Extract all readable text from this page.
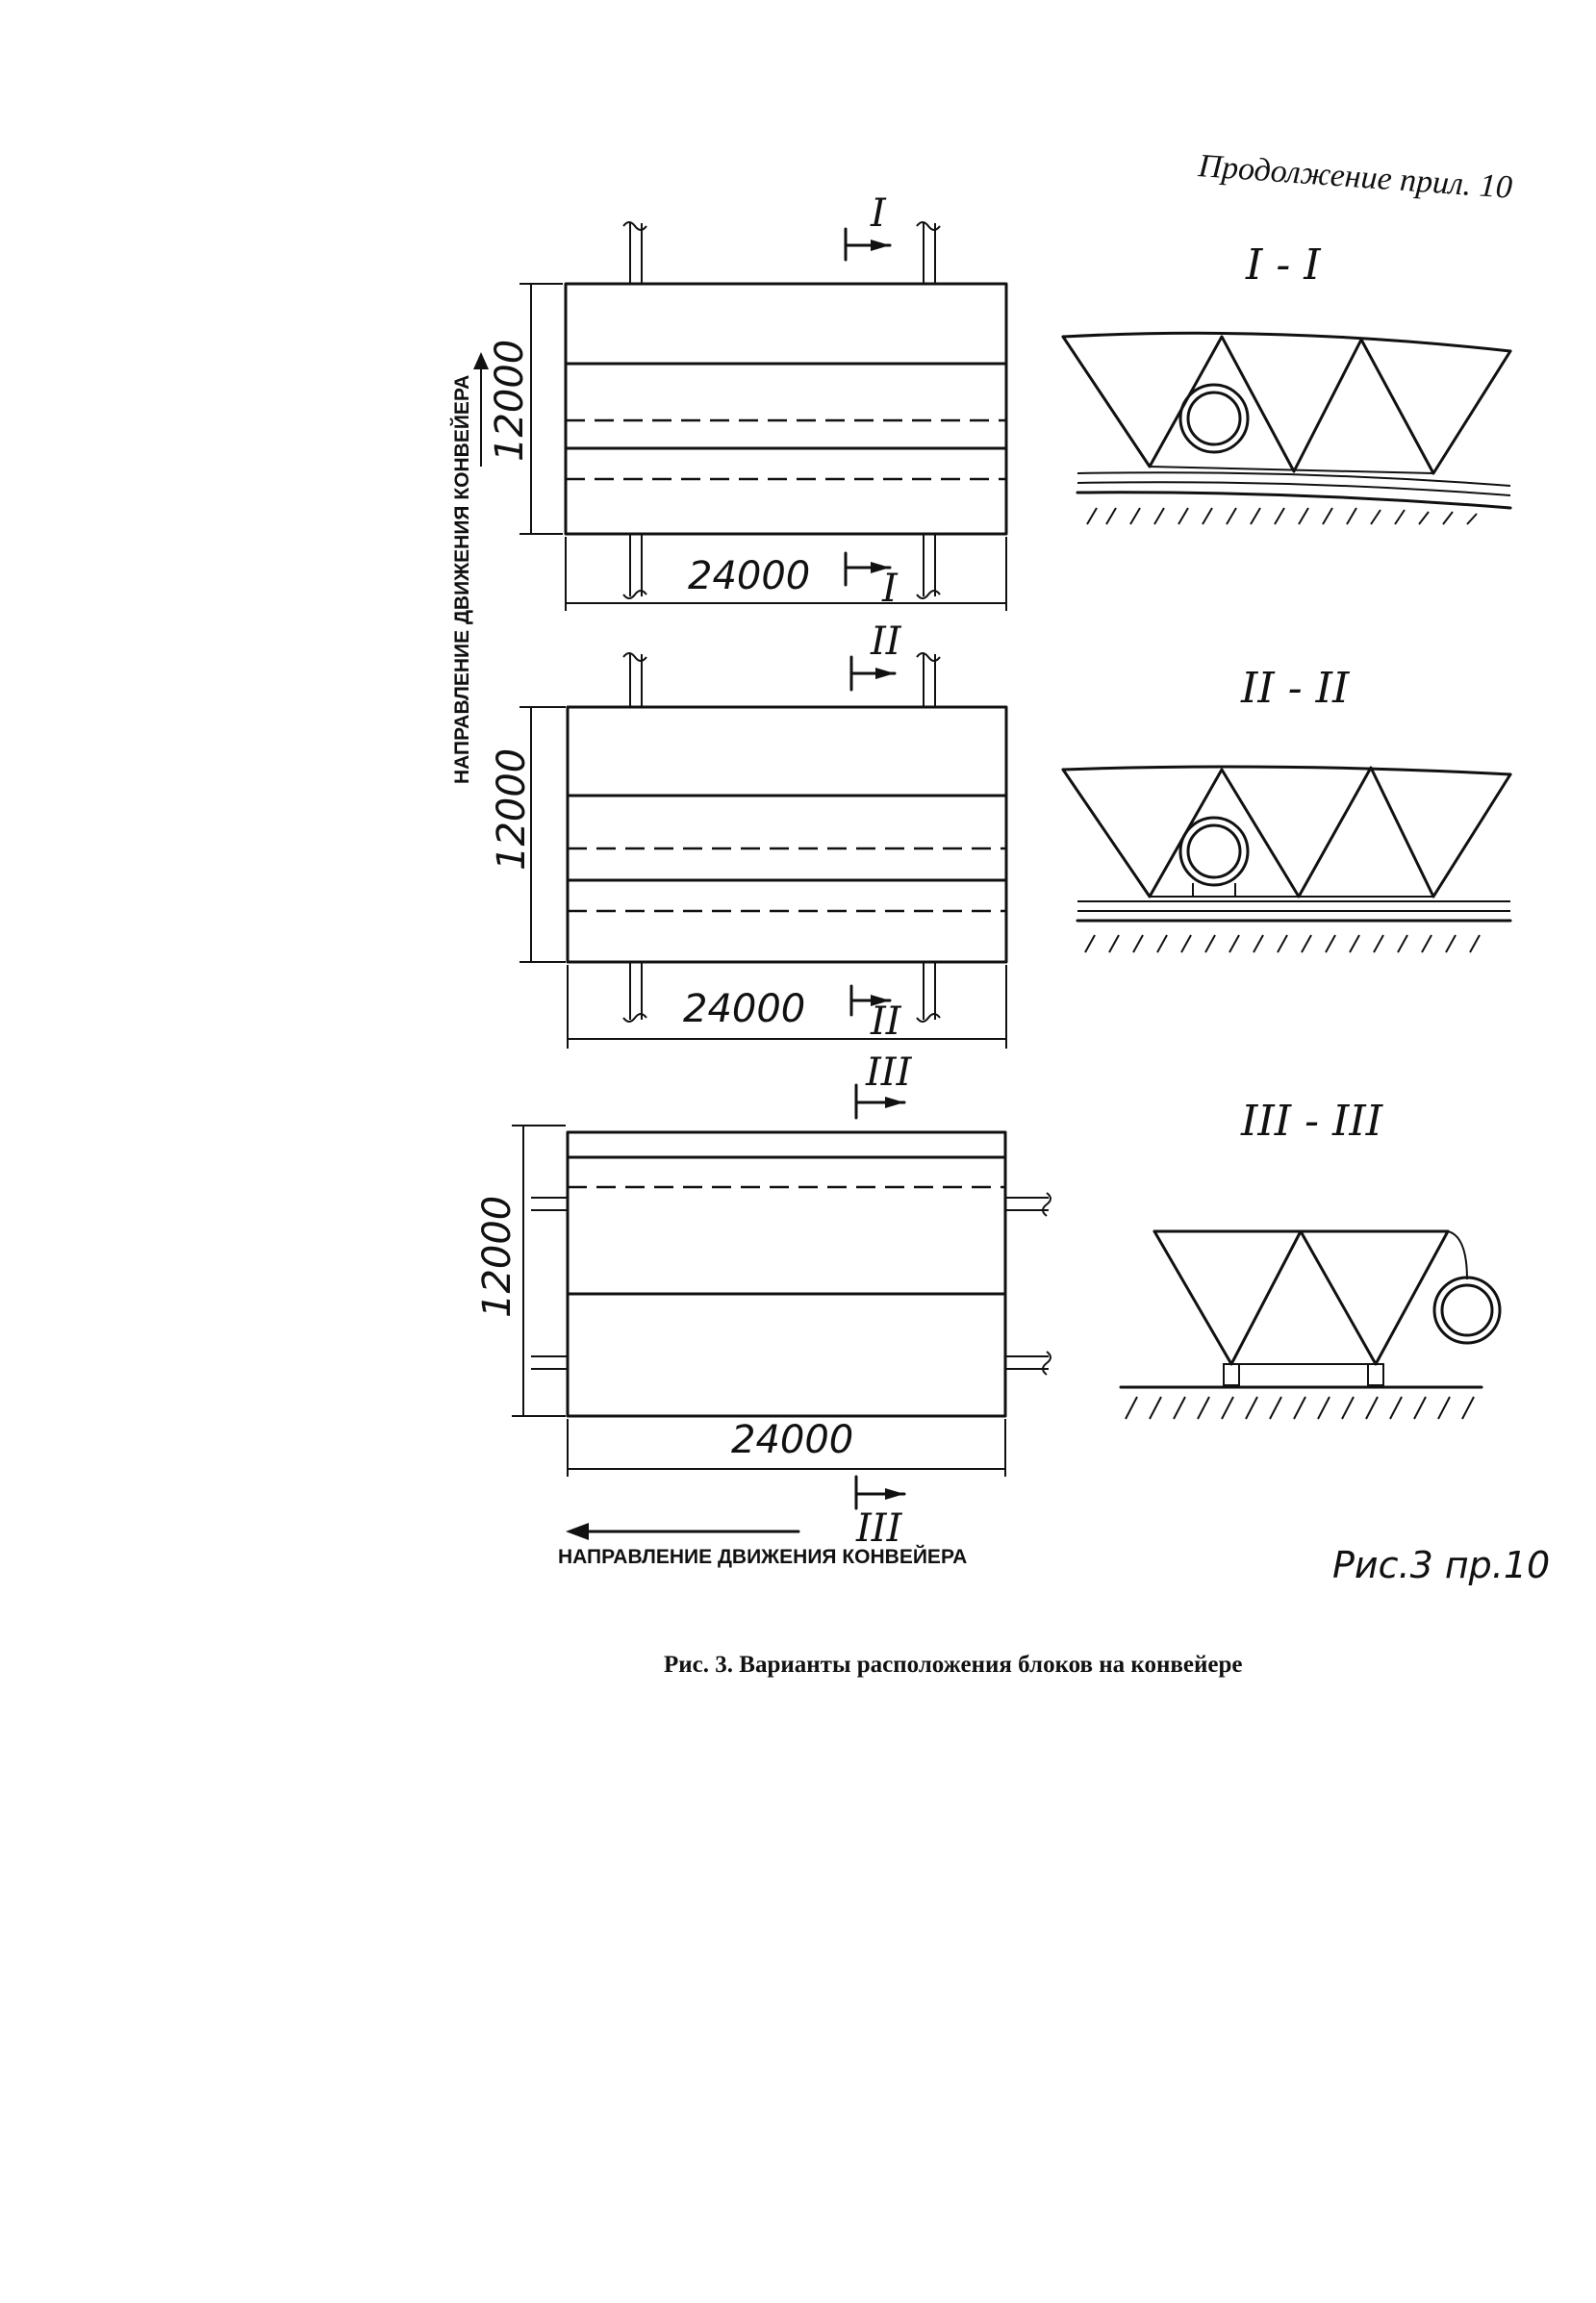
Продолжение прил. 10
НАПРАВЛЕНИЕ ДВИЖЕНИЯ КОНВЕЙЕРА 12000
24000
I
I
I - I
12000
24000
II
II
II - II
12000
24000
III
III
III - III
НАПРАВЛЕНИЕ ДВИЖЕНИЯ КОНВЕЙЕРА	Рис.3 пр.10
Рис. 3. Варианты расположения блоков на конвейере
